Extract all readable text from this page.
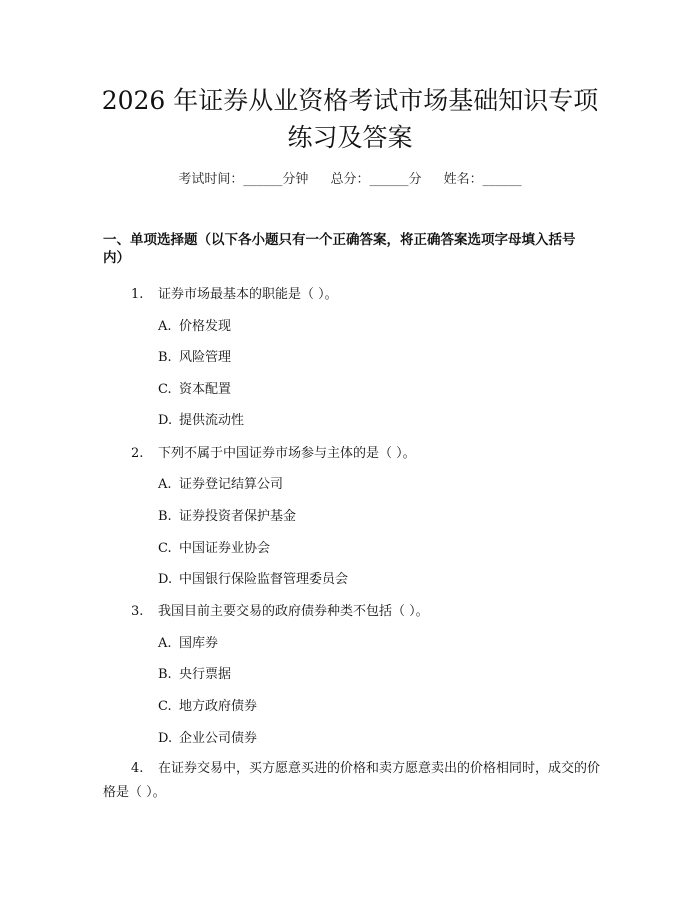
2026 年证券从业资格考试市场基础知识专项
练习及答案
考试时间：______分钟 总分：______分 姓名：______
一、单项选择题（以下各小题只有一个正确答案，将正确答案选项字母填入括号
内）
1. 证券市场最基本的职能是（ ）。
A. 价格发现
B. 风险管理
C. 资本配置
D. 提供流动性
2. 下列不属于中国证券市场参与主体的是（ ）。
A. 证券登记结算公司
B. 证券投资者保护基金
C. 中国证券业协会
D. 中国银行保险监督管理委员会
3. 我国目前主要交易的政府债券种类不包括（ ）。
A. 国库券
B. 央行票据
C. 地方政府债券
D. 企业公司债券
4. 在证券交易中，买方愿意买进的价格和卖方愿意卖出的价格相同时，成交的价格是（ ）。
